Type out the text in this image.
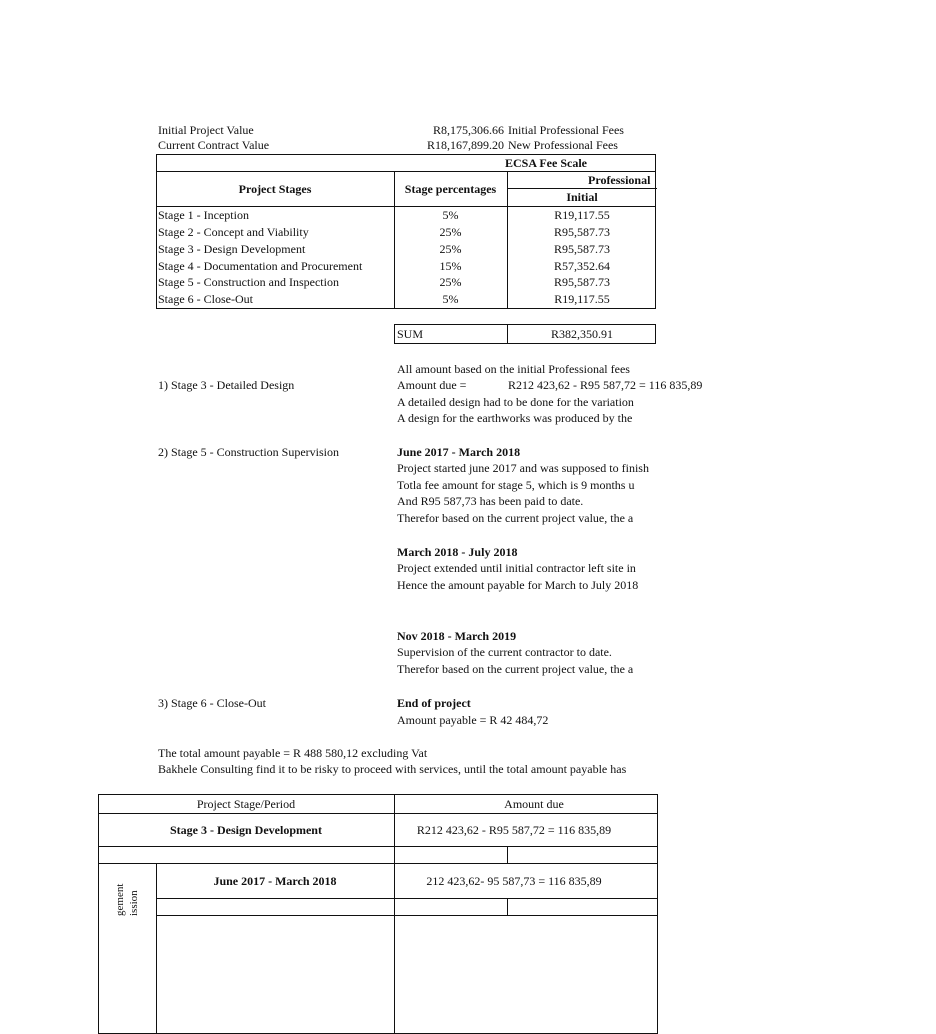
Initial Project Value	R8,175,306.66 Initial Professional Fees
Current Contract Value	R18,167,899.20 New Professional Fees
ECSA Fee Scale
Project Stages	Stage percentages
Professional
Initial
Stage 1 - Inception	5%	R19,117.55
Stage 2 - Concept and Viability	25%	R95,587.73
Stage 3 - Design Development	25%	R95,587.73
Stage 4 - Documentation and Procurement	15%	R57,352.64
Stage 5 - Construction and Inspection	25%	R95,587.73
Stage 6 - Close-Out	5%	R19,117.55
SUM	R382,350.91
All amount based on the initial Professional fees
1) Stage 3 - Detailed Design	Amount due =	R212 423,62 - R95 587,72 = 116 835,89
A detailed design had to be done for the variation
A design for the earthworks was produced by the
2) Stage 5 - Construction Supervision	June 2017 - March 2018
Project started june 2017 and was supposed to finish
Totla fee amount for stage 5, which is 9 months u
And R95 587,73 has been paid to date.
Therefor based on the current project value, the a
March 2018 - July 2018
Project extended until initial contractor left site in
Hence the amount payable for March to July 2018
Nov 2018 - March 2019
Supervision of the current contractor to date.
Therefor based on the current project value, the a
3) Stage 6 - Close-Out	End of project
Amount payable = R 42 484,72
The total amount payable = R 488 580,12 excluding Vat
Bakhele Consulting find it to be risky to proceed with services, until the total amount payable has
Project Stage/Period	Amount due
Stage 3 - Design Development	R212 423,62 - R95 587,72 = 116 835,89
June 2017 - March 2018	212 423,62- 95 587,73 = 116 835,89
gement ission
